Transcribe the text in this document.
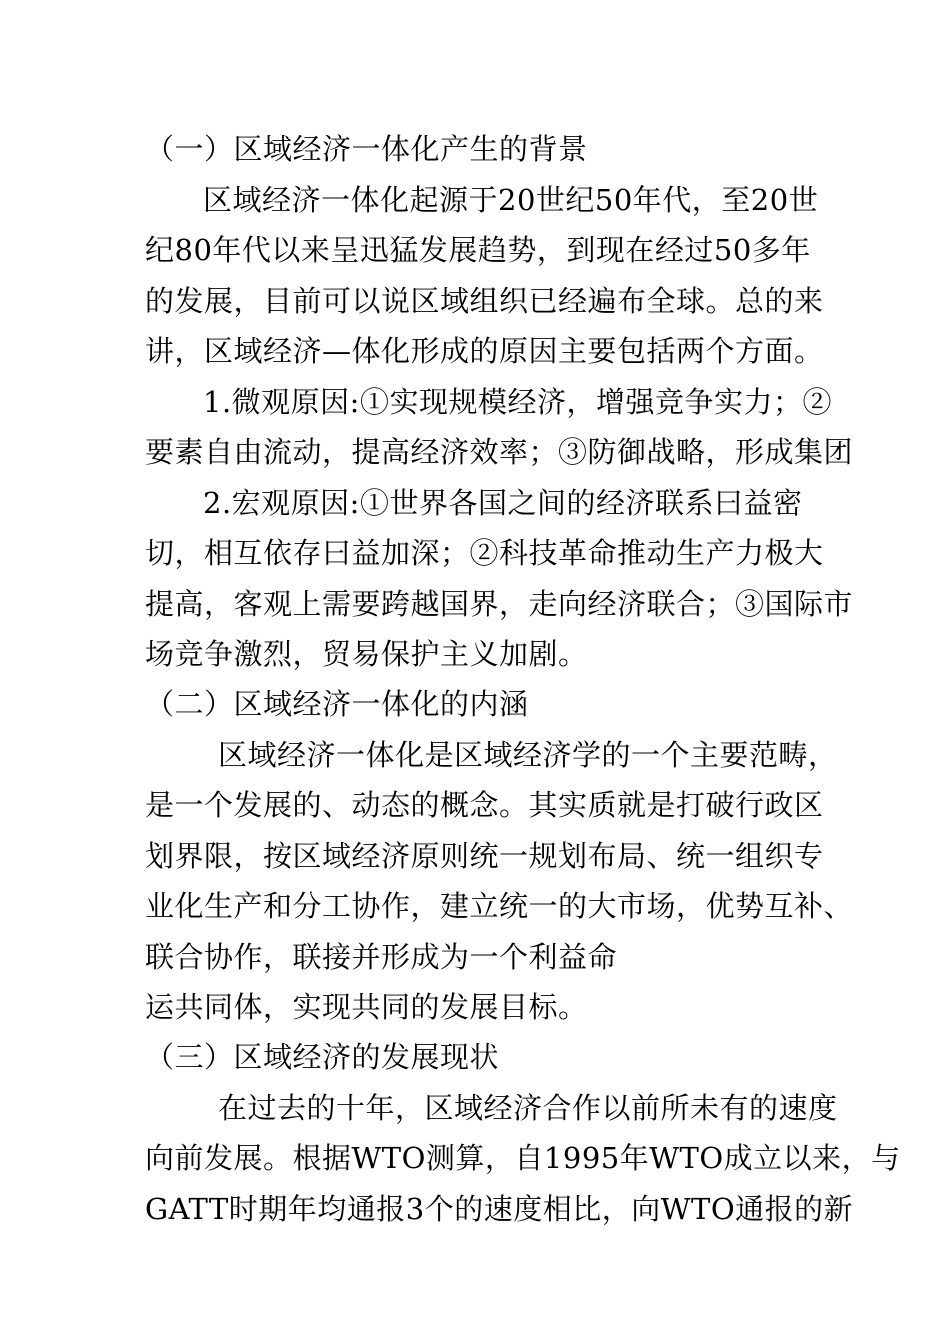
（一）区域经济一体化产生的背景
区域经济一体化起源于20世纪50年代，至20世
纪80年代以来呈迅猛发展趋势，到现在经过50多年
的发展，目前可以说区域组织已经遍布全球。总的来
讲，区域经济—体化形成的原因主要包括两个方面。
1.微观原因:①实现规模经济，增强竞争实力；②
要素自由流动，提高经济效率；③防御战略，形成集团
2.宏观原因:①世界各国之间的经济联系曰益密
切，相互依存曰益加深；②科技革命推动生产力极大
提高，客观上需要跨越国界，走向经济联合；③国际市
场竞争激烈，贸易保护主义加剧。
（二）区域经济一体化的内涵
区域经济一体化是区域经济学的一个主要范畴，
是一个发展的、动态的概念。其实质就是打破行政区
划界限，按区域经济原则统一规划布局、统一组织专
业化生产和分工协作，建立统一的大市场，优势互补、
联合协作，联接并形成为一个利益命
运共同体，实现共同的发展目标。
（三）区域经济的发展现状
在过去的十年，区域经济合作以前所未有的速度
向前发展。根据WTO测算，自1995年WTO成立以来，与
GATT时期年均通报3个的速度相比，向WTO通报的新
